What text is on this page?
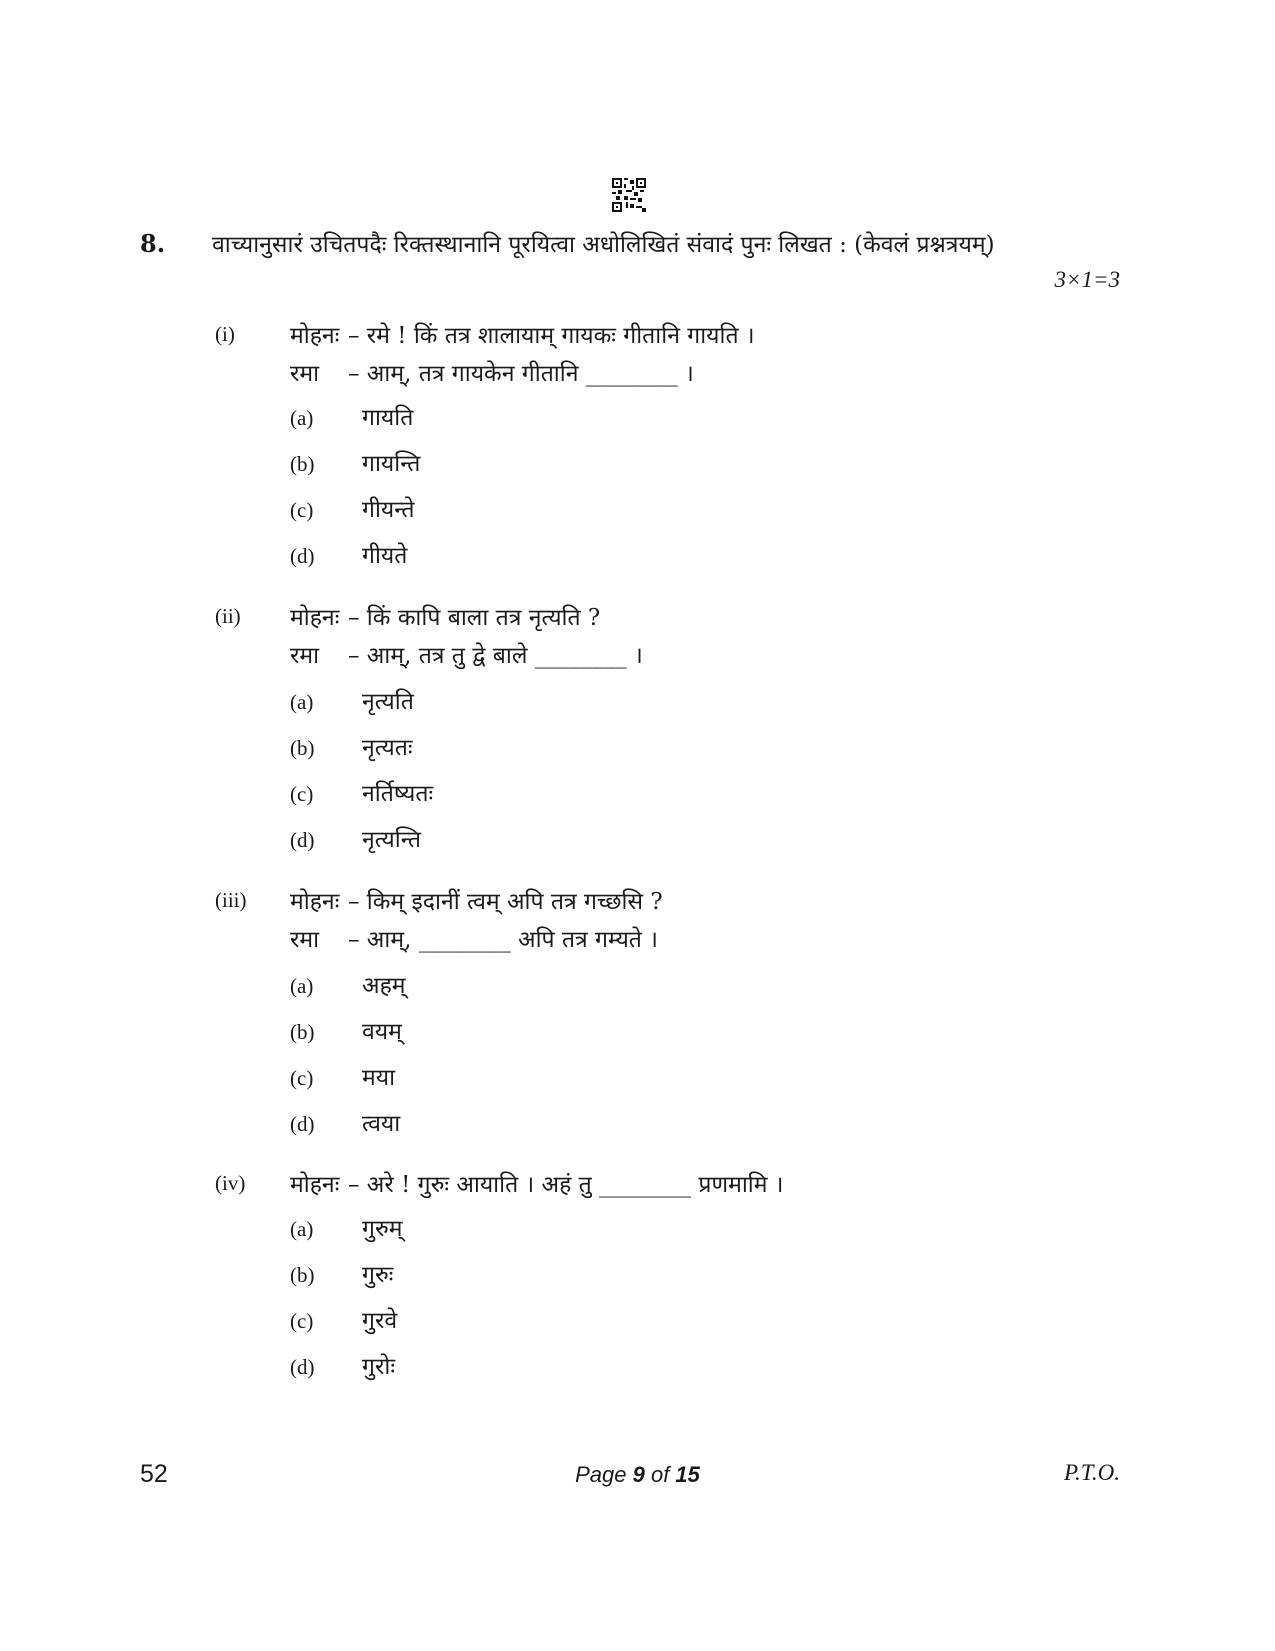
8. वाच्यानुसारं उचितपदैः रिक्तस्थानानि पूरयित्वा अधोलिखितं संवादं पुनः लिखत : (केवलं प्रश्नत्रयम्)
3×1=3
(i) मोहनः – रमे ! किं तत्र शालायाम् गायकः गीतानि गायति ।
रमा – आम्, तत्र गायकेन गीतानि ________ ।
(a) गायति
(b) गायन्ति
(c) गीयन्ते
(d) गीयते
(ii) मोहनः – किं कापि बाला तत्र नृत्यति ?
रमा – आम्, तत्र तु द्वे बाले ________ ।
(a) नृत्यति
(b) नृत्यतः
(c) नर्तिष्यतः
(d) नृत्यन्ति
(iii) मोहनः – किम् इदानीं त्वम् अपि तत्र गच्छसि ?
रमा – आम्, ________ अपि तत्र गम्यते ।
(a) अहम्
(b) वयम्
(c) मया
(d) त्वया
(iv) मोहनः – अरे ! गुरुः आयाति । अहं तु ________ प्रणमामि ।
(a) गुरुम्
(b) गुरुः
(c) गुरवे
(d) गुरोः
52	Page 9 of 15	P.T.O.
